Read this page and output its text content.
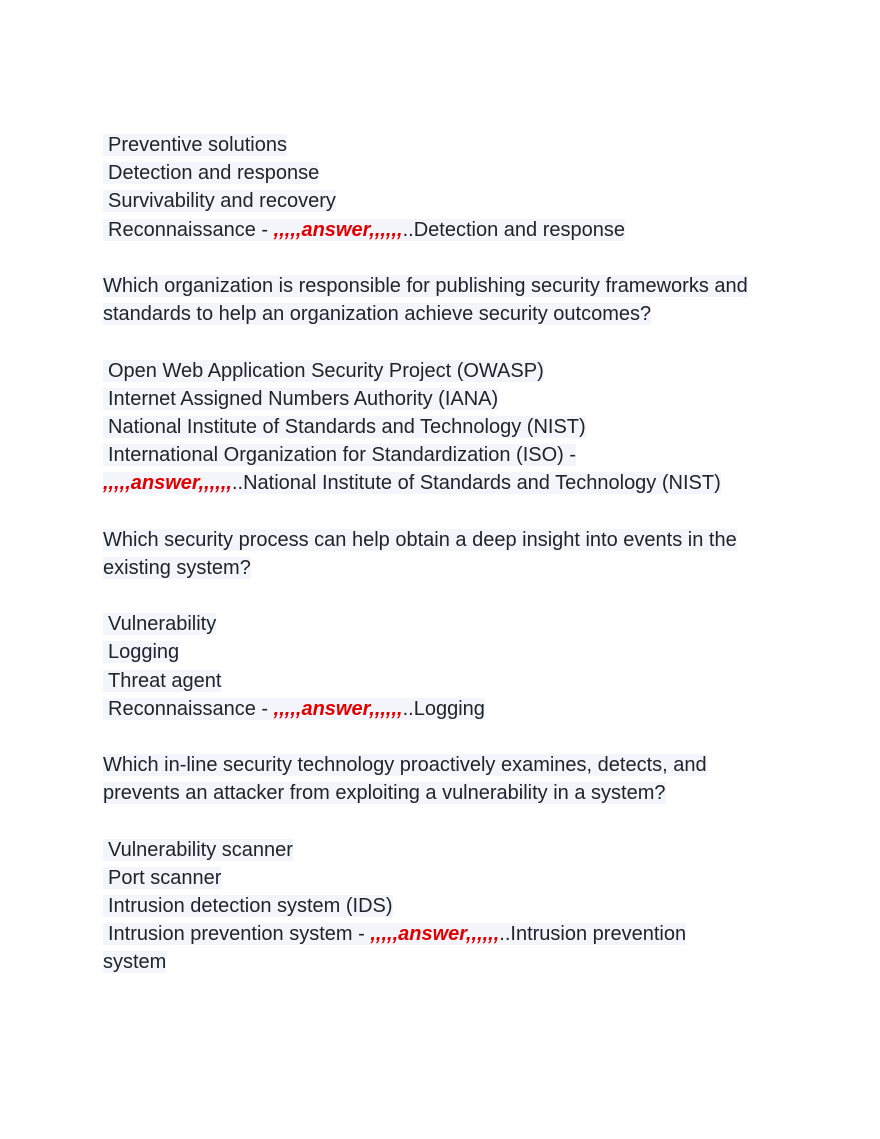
Preventive solutions
Detection and response
Survivability and recovery
Reconnaissance - ,,,,,answer,,,,,,..Detection and response
Which organization is responsible for publishing security frameworks and
standards to help an organization achieve security outcomes?
Open Web Application Security Project (OWASP)
Internet Assigned Numbers Authority (IANA)
National Institute of Standards and Technology (NIST)
International Organization for Standardization (ISO) -
,,,,,answer,,,,,,..National Institute of Standards and Technology (NIST)
Which security process can help obtain a deep insight into events in the
existing system?
Vulnerability
Logging
Threat agent
Reconnaissance - ,,,,,answer,,,,,,..Logging
Which in-line security technology proactively examines, detects, and
prevents an attacker from exploiting a vulnerability in a system?
Vulnerability scanner
Port scanner
Intrusion detection system (IDS)
Intrusion prevention system - ,,,,,answer,,,,,,..Intrusion prevention
system
